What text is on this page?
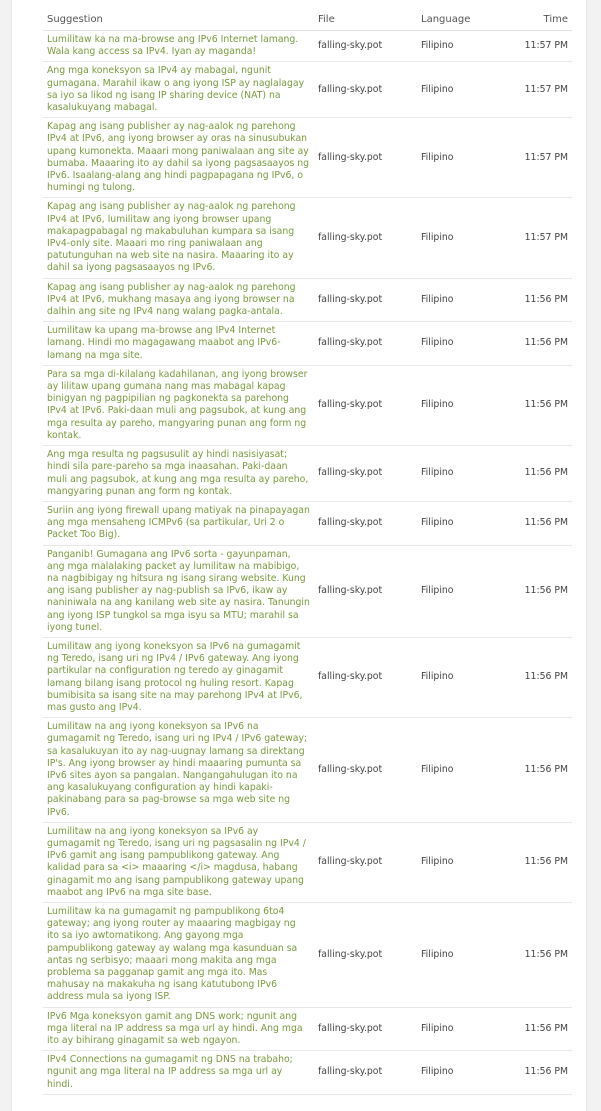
Suggestion	File	Language	Time
Lumilitaw ka na ma-browse ang IPv6 Internet lamang. Wala kang access sa IPv4. Iyan ay maganda!	falling-sky.pot	Filipino	11:57 PM
Ang mga koneksyon sa IPv4 ay mabagal, ngunit gumagana. Marahil ikaw o ang iyong ISP ay naglalagay sa iyo sa likod ng isang IP sharing device (NAT) na kasalukuyang mabagal.	falling-sky.pot	Filipino	11:57 PM
Kapag ang isang publisher ay nag-aalok ng parehong IPv4 at IPv6, ang iyong browser ay oras na sinusubukan upang kumonekta. Maaari mong paniwalaan ang site ay bumaba. Maaaring ito ay dahil sa iyong pagsasaayos ng IPv6. Isaalang-alang ang hindi pagpapagana ng IPv6, o humingi ng tulong.	falling-sky.pot	Filipino	11:57 PM
Kapag ang isang publisher ay nag-aalok ng parehong IPv4 at IPv6, lumilitaw ang iyong browser upang makapagpabagal ng makabuluhan kumpara sa isang IPv4-only site. Maaari mo ring paniwalaan ang patutunguhan na web site na nasira. Maaaring ito ay dahil sa iyong pagsasaayos ng IPv6.	falling-sky.pot	Filipino	11:57 PM
Kapag ang isang publisher ay nag-aalok ng parehong IPv4 at IPv6, mukhang masaya ang iyong browser na dalhin ang site ng IPv4 nang walang pagka-antala.	falling-sky.pot	Filipino	11:56 PM
Lumilitaw ka upang ma-browse ang IPv4 Internet lamang. Hindi mo magagawang maabot ang IPv6-lamang na mga site.	falling-sky.pot	Filipino	11:56 PM
Para sa mga di-kilalang kadahilanan, ang iyong browser ay lilitaw upang gumana nang mas mabagal kapag binigyan ng pagpipilian ng pagkonekta sa parehong IPv4 at IPv6. Paki-daan muli ang pagsubok, at kung ang mga resulta ay pareho, mangyaring punan ang form ng kontak.	falling-sky.pot	Filipino	11:56 PM
Ang mga resulta ng pagsusulit ay hindi nasisiyasat; hindi sila pare-pareho sa mga inaasahan. Paki-daan muli ang pagsubok, at kung ang mga resulta ay pareho, mangyaring punan ang form ng kontak.	falling-sky.pot	Filipino	11:56 PM
Suriin ang iyong firewall upang matiyak na pinapayagan ang mga mensaheng ICMPv6 (sa partikular, Uri 2 o Packet Too Big).	falling-sky.pot	Filipino	11:56 PM
Panganib! Gumagana ang IPv6 sorta - gayunpaman, ang mga malalaking packet ay lumilitaw na mabibigo, na nagbibigay ng hitsura ng isang sirang website. Kung ang isang publisher ay nag-publish sa IPv6, ikaw ay naniniwala na ang kanilang web site ay nasira. Tanungin ang iyong ISP tungkol sa mga isyu sa MTU; marahil sa iyong tunel.	falling-sky.pot	Filipino	11:56 PM
Lumilitaw ang iyong koneksyon sa IPv6 na gumagamit ng Teredo, isang uri ng IPv4 / IPv6 gateway. Ang iyong partikular na configuration ng teredo ay ginagamit lamang bilang isang protocol ng huling resort. Kapag bumibisita sa isang site na may parehong IPv4 at IPv6, mas gusto ang IPv4.	falling-sky.pot	Filipino	11:56 PM
Lumilitaw na ang iyong koneksyon sa IPv6 na gumagamit ng Teredo, isang uri ng IPv4 / IPv6 gateway; sa kasalukuyan ito ay nag-uugnay lamang sa direktang IP's. Ang iyong browser ay hindi maaaring pumunta sa IPv6 sites ayon sa pangalan. Nangangahulugan ito na ang kasalukuyang configuration ay hindi kapaki-pakinabang para sa pag-browse sa mga web site ng IPv6.	falling-sky.pot	Filipino	11:56 PM
Lumilitaw na ang iyong koneksyon sa IPv6 ay gumagamit ng Teredo, isang uri ng pagsasalin ng IPv4 / IPv6 gamit ang isang pampublikong gateway. Ang kalidad para sa <i> maaaring </i> magdusa, habang ginagamit mo ang isang pampublikong gateway upang maabot ang IPv6 na mga site base.	falling-sky.pot	Filipino	11:56 PM
Lumilitaw ka na gumagamit ng pampublikong 6to4 gateway; ang iyong router ay maaaring magbigay ng ito sa iyo awtomatikong. Ang gayong mga pampublikong gateway ay walang mga kasunduan sa antas ng serbisyo; maaari mong makita ang mga problema sa pagganap gamit ang mga ito. Mas mahusay na makakuha ng isang katutubong IPv6 address mula sa iyong ISP.	falling-sky.pot	Filipino	11:56 PM
IPv6 Mga koneksyon gamit ang DNS work; ngunit ang mga literal na IP address sa mga url ay hindi. Ang mga ito ay bihirang ginagamit sa web ngayon.	falling-sky.pot	Filipino	11:56 PM
IPv4 Connections na gumagamit ng DNS na trabaho; ngunit ang mga literal na IP address sa mga url ay hindi.	falling-sky.pot	Filipino	11:56 PM
